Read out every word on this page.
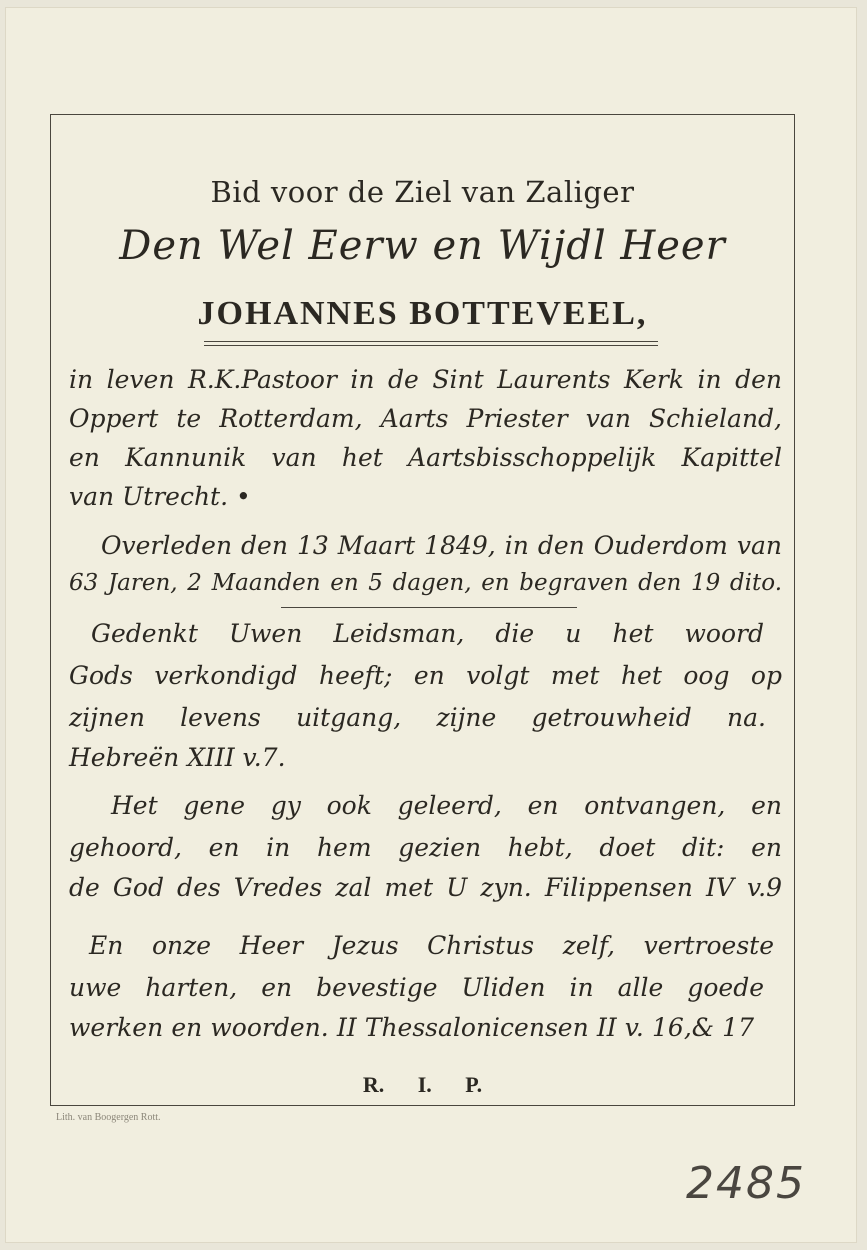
Bid voor de Ziel van Zaliger
Den Wel Eerw en Wijdl Heer
JOHANNES BOTTEVEEL,
in leven R.K.Pastoor in de Sint Laurents Kerk in den
Oppert te Rotterdam, Aarts Priester van Schieland,
en Kannunik van het Aartsbisschoppelijk Kapittel
van Utrecht. •
Overleden den 13 Maart 1849, in den Ouderdom van
63 Jaren, 2 Maanden en 5 dagen, en begraven den 19 dito.
Gedenkt Uwen Leidsman, die u het woord
Gods verkondigd heeft; en volgt met het oog op
zijnen levens uitgang, zijne getrouwheid na.
Hebreën XIII v.7.
Het gene gy ook geleerd, en ontvangen, en
gehoord, en in hem gezien hebt, doet dit: en
de God des Vredes zal met U zyn. Filippensen IV v.9
En onze Heer Jezus Christus zelf, vertroeste
uwe harten, en bevestige Uliden in alle goede
werken en woorden. II Thessalonicensen II v. 16,& 17
R. I. P.
Lith. van Boogergen Rott.
2485
